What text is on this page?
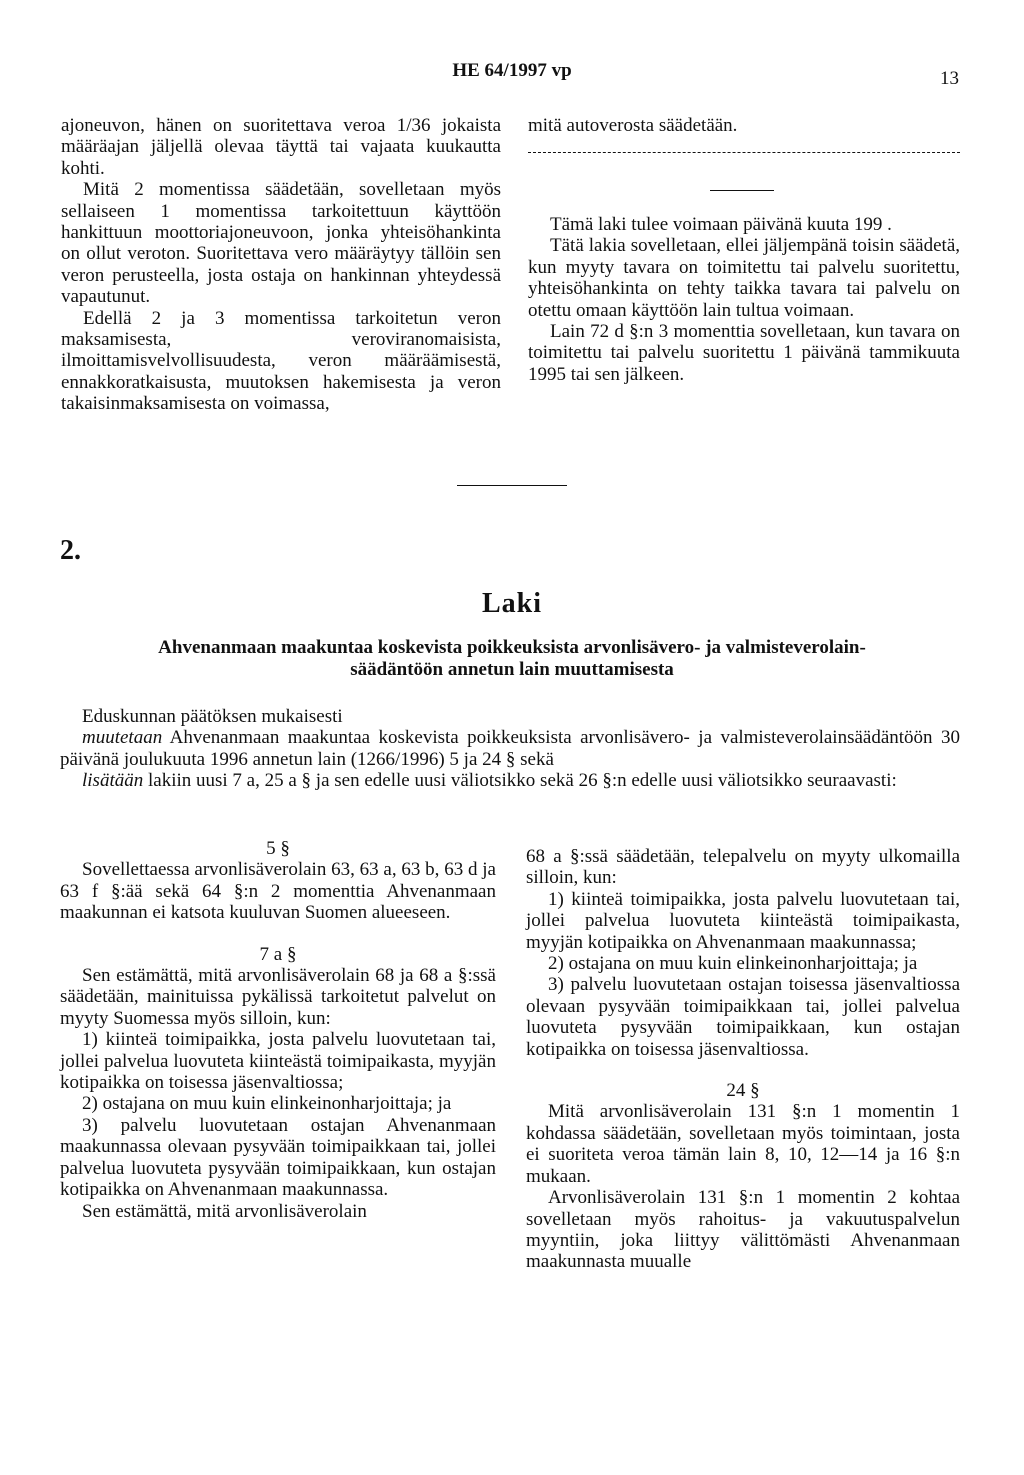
HE 64/1997 vp	13

ajoneuvon, hänen on suoritettava veroa 1/36 jokaista määräajan jäljellä olevaa täyttä tai vajaata kuukautta kohti.

Mitä 2 momentissa säädetään, sovelletaan myös sellaiseen 1 momentissa tarkoitettuun käyttöön hankittuun moottoriajoneuvoon, jonka yhteisöhankinta on ollut veroton. Suoritettava vero määräytyy tällöin sen veron perusteella, josta ostaja on hankinnan yhteydessä vapautunut.

Edellä 2 ja 3 momentissa tarkoitetun veron maksamisesta, veroviranomaisista, ilmoittamisvelvollisuudesta, veron määräämisestä, ennakkoratkaisusta, muutoksen hakemisesta ja veron takaisinmaksamisesta on voimassa,

mitä autoverosta säädetään.

Tämä laki tulee voimaan päivänä kuuta 199 .

Tätä lakia sovelletaan, ellei jäljempänä toisin säädetä, kun myyty tavara on toimitettu tai palvelu suoritettu, yhteisöhankinta on tehty taikka tavara tai palvelu on otettu omaan käyttöön lain tultua voimaan.

Lain 72 d §:n 3 momenttia sovelletaan, kun tavara on toimitettu tai palvelu suoritettu 1 päivänä tammikuuta 1995 tai sen jälkeen.

2.
Laki
Ahvenanmaan maakuntaa koskevista poikkeuksista arvonlisävero- ja valmisteverolain-
säädäntöön annetun lain muuttamisesta

Eduskunnan päätöksen mukaisesti

muutetaan Ahvenanmaan maakuntaa koskevista poikkeuksista arvonlisävero- ja valmisteverolainsäädäntöön 30 päivänä joulukuuta 1996 annetun lain (1266/1996) 5 ja 24 § sekä

lisätään lakiin uusi 7 a, 25 a § ja sen edelle uusi väliotsikko sekä 26 §:n edelle uusi väliotsikko seuraavasti:

5 §

Sovellettaessa arvonlisäverolain 63, 63 a, 63 b, 63 d ja 63 f §:ää sekä 64 §:n 2 momenttia Ahvenanmaan maakunnan ei katsota kuuluvan Suomen alueeseen.

7 a §

Sen estämättä, mitä arvonlisäverolain 68 ja 68 a §:ssä säädetään, mainituissa pykälissä tarkoitetut palvelut on myyty Suomessa myös silloin, kun:

1) kiinteä toimipaikka, josta palvelu luovutetaan tai, jollei palvelua luovuteta kiinteästä toimipaikasta, myyjän kotipaikka on toisessa jäsenvaltiossa;

2) ostajana on muu kuin elinkeinonharjoittaja; ja

3) palvelu luovutetaan ostajan Ahvenanmaan maakunnassa olevaan pysyvään toimipaikkaan tai, jollei palvelua luovuteta pysyvään toimipaikkaan, kun ostajan kotipaikka on Ahvenanmaan maakunnassa.

Sen estämättä, mitä arvonlisäverolain

68 a §:ssä säädetään, telepalvelu on myyty ulkomailla silloin, kun:

1) kiinteä toimipaikka, josta palvelu luovutetaan tai, jollei palvelua luovuteta kiinteästä toimipaikasta, myyjän kotipaikka on Ahvenanmaan maakunnassa;

2) ostajana on muu kuin elinkeinonharjoittaja; ja

3) palvelu luovutetaan ostajan toisessa jäsenvaltiossa olevaan pysyvään toimipaikkaan tai, jollei palvelua luovuteta pysyvään toimipaikkaan, kun ostajan kotipaikka on toisessa jäsenvaltiossa.

24 §

Mitä arvonlisäverolain 131 §:n 1 momentin 1 kohdassa säädetään, sovelletaan myös toimintaan, josta ei suoriteta veroa tämän lain 8, 10, 12—14 ja 16 §:n mukaan.

Arvonlisäverolain 131 §:n 1 momentin 2 kohtaa sovelletaan myös rahoitus- ja vakuutuspalvelun myyntiin, joka liittyy välittömästi Ahvenanmaan maakunnasta muualle
